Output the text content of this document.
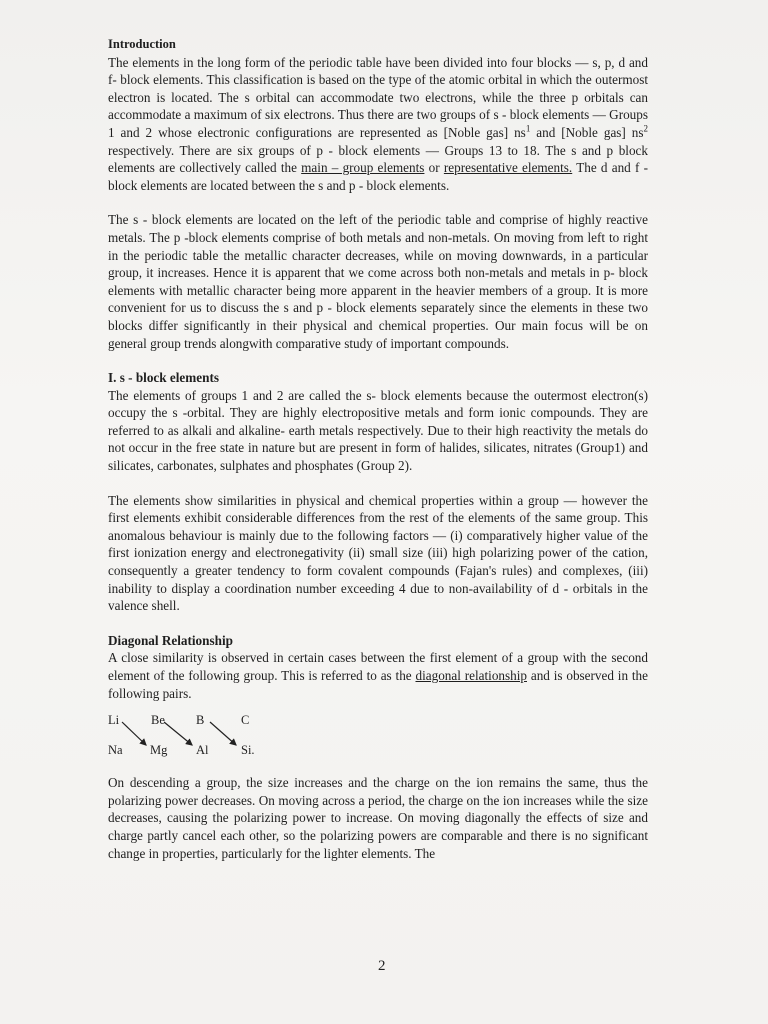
Introduction

The elements in the long form of the periodic table have been divided into four blocks — s, p, d and f- block elements. This classification is based on the type of the atomic orbital in which the outermost electron is located. The s orbital can accommodate two electrons, while the three p orbitals can accommodate a maximum of six electrons. Thus there are two groups of s - block elements — Groups 1 and 2 whose electronic configurations are represented as [Noble gas] $ns^1$ and [Noble gas] $ns^2$ respectively. There are six groups of p - block elements — Groups 13 to 18. The s and p block elements are collectively called the main – group elements or representative elements. The d and f - block elements are located between the s and p - block elements.

The s - block elements are located on the left of the periodic table and comprise of highly reactive metals. The p -block elements comprise of both metals and non-metals. On moving from left to right in the periodic table the metallic character decreases, while on moving downwards, in a particular group, it increases. Hence it is apparent that we come across both non-metals and metals in p- block elements with metallic character being more apparent in the heavier members of a group. It is more convenient for us to discuss the s and p - block elements separately since the elements in these two blocks differ significantly in their physical and chemical properties. Our main focus will be on general group trends alongwith comparative study of important compounds.

I. s - block elements

The elements of groups 1 and 2 are called the s- block elements because the outermost electron(s) occupy the s -orbital. They are highly electropositive metals and form ionic compounds. They are referred to as alkali and alkaline- earth metals respectively. Due to their high reactivity the metals do not occur in the free state in nature but are present in form of halides, silicates, nitrates (Group1) and silicates, carbonates, sulphates and phosphates (Group 2).

The elements show similarities in physical and chemical properties within a group — however the first elements exhibit considerable differences from the rest of the elements of the same group. This anomalous behaviour is mainly due to the following factors — (i) comparatively higher value of the first ionization energy and electronegativity (ii) small size (iii) high polarizing power of the cation, consequently a greater tendency to form covalent compounds (Fajan's rules) and complexes, (iii) inability to display a coordination number exceeding 4 due to non-availability of d - orbitals in the valence shell.

Diagonal Relationship

A close similarity is observed in certain cases between the first element of a group with the second element of the following group. This is referred to as the diagonal relationship and is observed in the following pairs.

Li	Be B	C
Na Mg Al	Si.

On descending a group, the size increases and the charge on the ion remains the same, thus the polarizing power decreases. On moving across a period, the charge on the ion increases while the size decreases, causing the polarizing power to increase. On moving diagonally the effects of size and charge partly cancel each other, so the polarizing powers are comparable and there is no significant change in properties, particularly for the lighter elements. The

2
